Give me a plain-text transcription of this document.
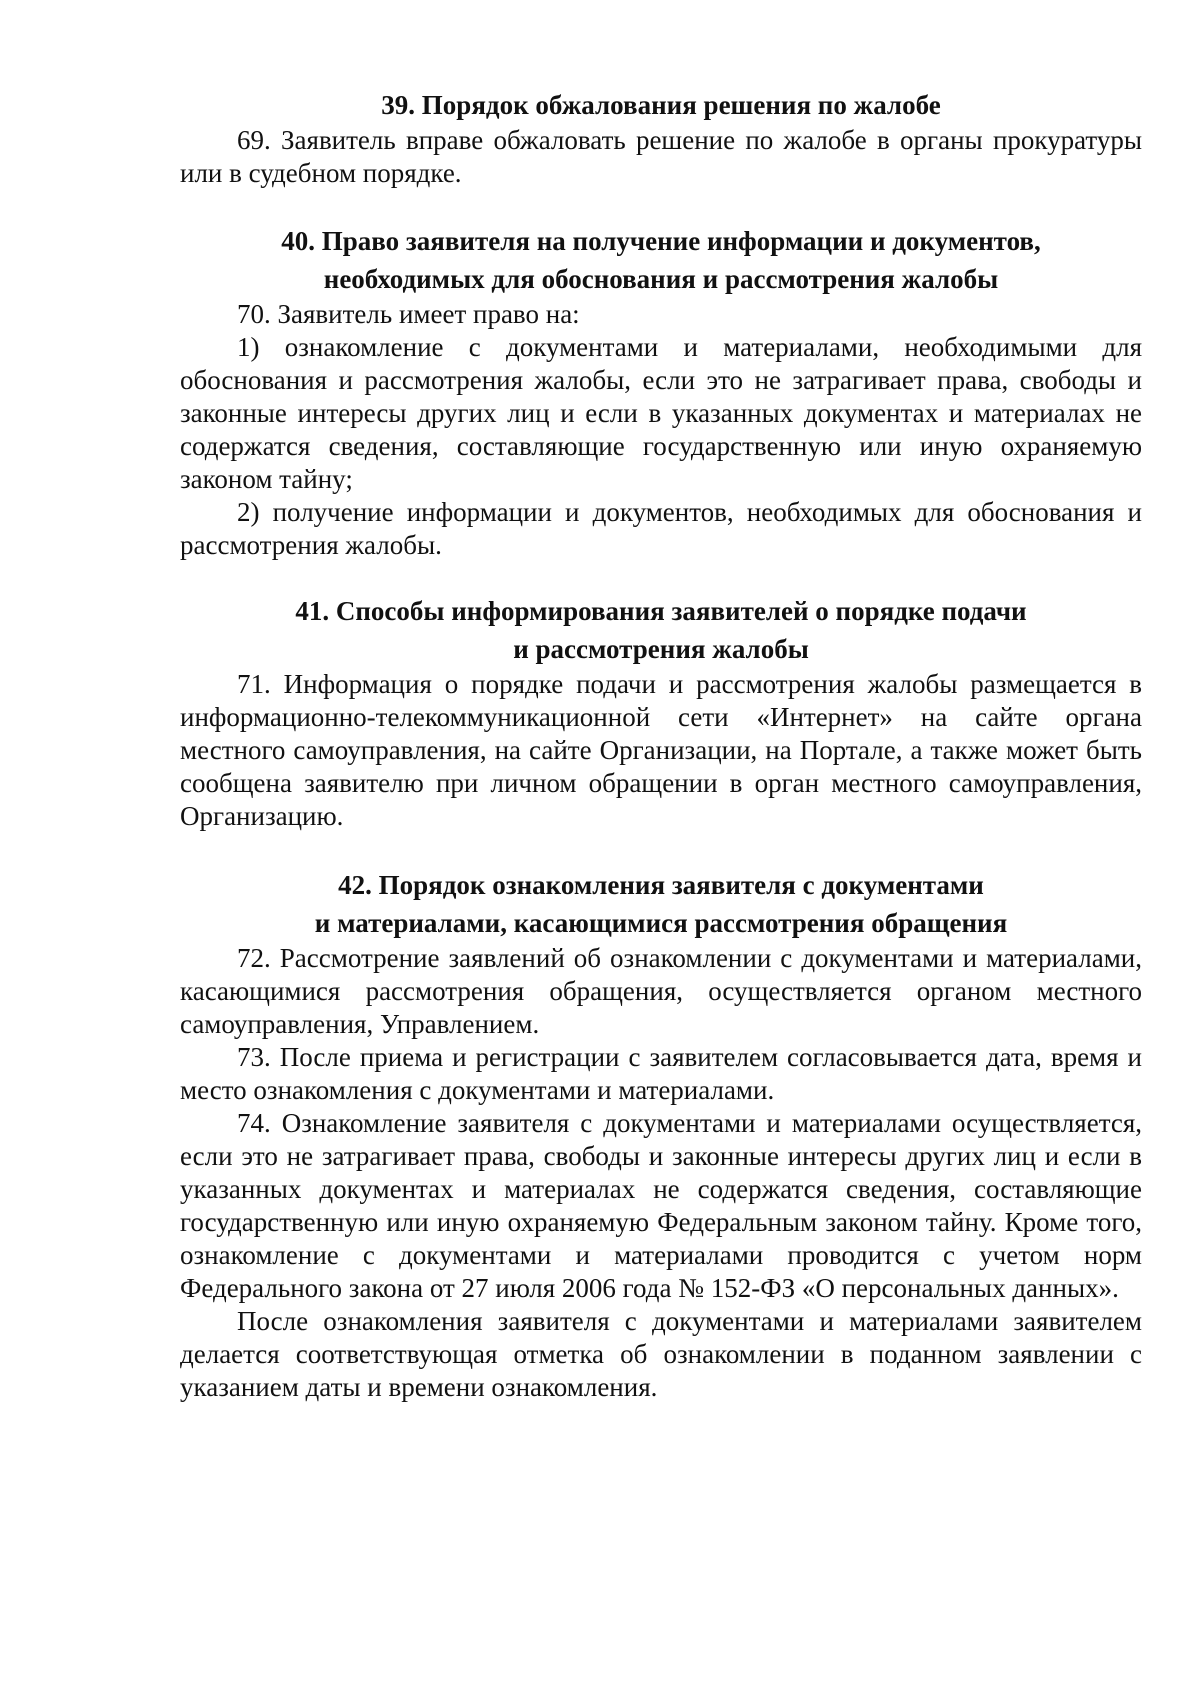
39. Порядок обжалования решения по жалобе

69. Заявитель вправе обжаловать решение по жалобе в органы прокуратуры или в судебном порядке.

40. Право заявителя на получение информации и документов,
необходимых для обоснования и рассмотрения жалобы

70. Заявитель имеет право на:

1) ознакомление с документами и материалами, необходимыми для обоснования и рассмотрения жалобы, если это не затрагивает права, свободы и законные интересы других лиц и если в указанных документах и материалах не содержатся сведения, составляющие государственную или иную охраняемую законом тайну;

2) получение информации и документов, необходимых для обоснования и рассмотрения жалобы.

41. Способы информирования заявителей о порядке подачи
и рассмотрения жалобы

71. Информация о порядке подачи и рассмотрения жалобы размещается в информационно-телекоммуникационной сети «Интернет» на сайте органа местного самоуправления, на сайте Организации, на Портале, а также может быть сообщена заявителю при личном обращении в орган местного самоуправления, Организацию.

42. Порядок ознакомления заявителя с документами
и материалами, касающимися рассмотрения обращения

72. Рассмотрение заявлений об ознакомлении с документами и материалами, касающимися рассмотрения обращения, осуществляется органом местного самоуправления, Управлением.

73. После приема и регистрации с заявителем согласовывается дата, время и место ознакомления с документами и материалами.

74. Ознакомление заявителя с документами и материалами осуществляется, если это не затрагивает права, свободы и законные интересы других лиц и если в указанных документах и материалах не содержатся сведения, составляющие государственную или иную охраняемую Федеральным законом тайну. Кроме того, ознакомление с документами и материалами проводится с учетом норм Федерального закона от 27 июля 2006 года № 152-ФЗ «О персональных данных».

После ознакомления заявителя с документами и материалами заявителем делается соответствующая отметка об ознакомлении в поданном заявлении с указанием даты и времени ознакомления.
